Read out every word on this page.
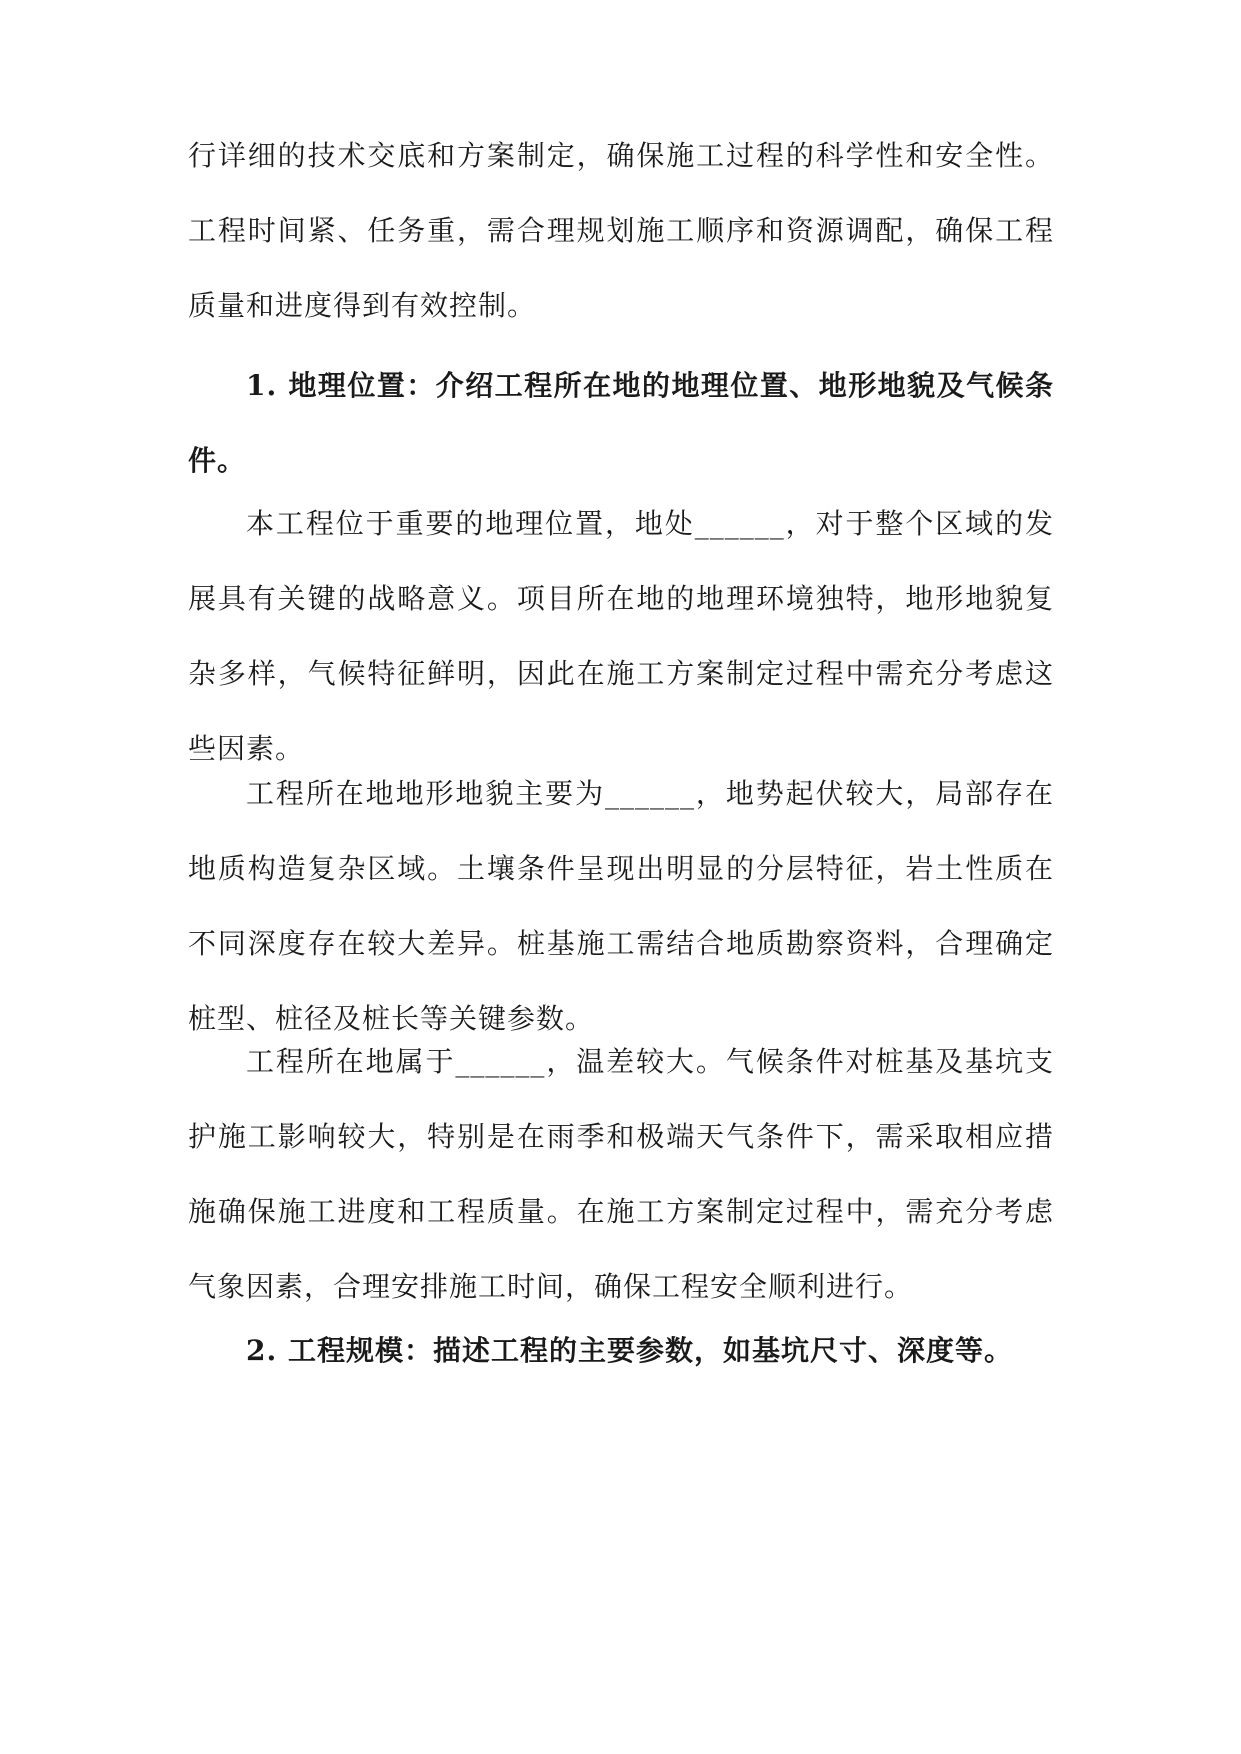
行详细的技术交底和方案制定，确保施工过程的科学性和安全性。工程时间紧、任务重，需合理规划施工顺序和资源调配，确保工程质量和进度得到有效控制。

1. 地理位置：介绍工程所在地的地理位置、地形地貌及气候条件。

本工程位于重要的地理位置，地处______，对于整个区域的发展具有关键的战略意义。项目所在地的地理环境独特，地形地貌复杂多样，气候特征鲜明，因此在施工方案制定过程中需充分考虑这些因素。

工程所在地地形地貌主要为______，地势起伏较大，局部存在地质构造复杂区域。土壤条件呈现出明显的分层特征，岩土性质在不同深度存在较大差异。桩基施工需结合地质勘察资料，合理确定桩型、桩径及桩长等关键参数。

工程所在地属于______，温差较大。气候条件对桩基及基坑支护施工影响较大，特别是在雨季和极端天气条件下，需采取相应措施确保施工进度和工程质量。在施工方案制定过程中，需充分考虑气象因素，合理安排施工时间，确保工程安全顺利进行。

2. 工程规模：描述工程的主要参数，如基坑尺寸、深度等。
